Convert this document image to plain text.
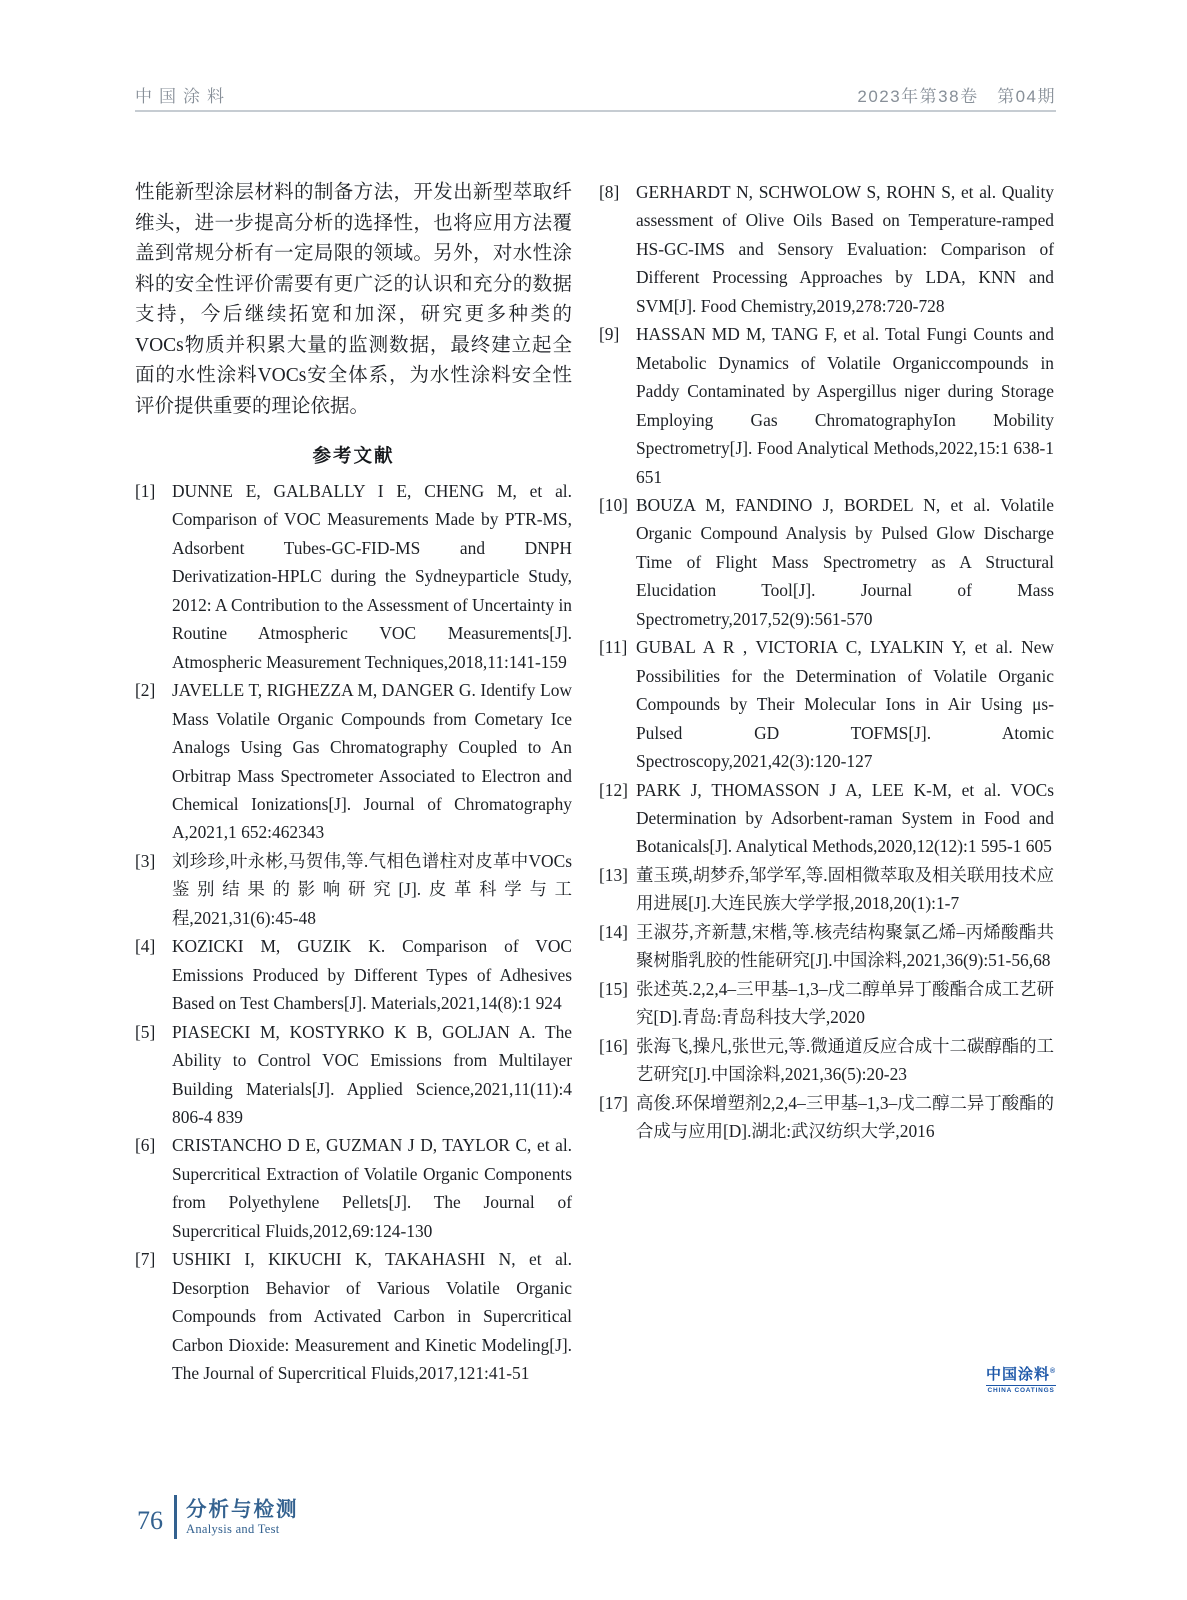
中国涂料	2023年第38卷　第04期

性能新型涂层材料的制备方法，开发出新型萃取纤维头，进一步提高分析的选择性，也将应用方法覆盖到常规分析有一定局限的领域。另外，对水性涂料的安全性评价需要有更广泛的认识和充分的数据支持，今后继续拓宽和加深，研究更多种类的VOCs物质并积累大量的监测数据，最终建立起全面的水性涂料VOCs安全体系，为水性涂料安全性评价提供重要的理论依据。

参考文献
[1] DUNNE E, GALBALLY I E, CHENG M, et al. Comparison of VOC Measurements Made by PTR-MS, Adsorbent Tubes-GC-FID-MS and DNPH Derivatization-HPLC during the Sydneyparticle Study, 2012: A Contribution to the Assessment of Uncertainty in Routine Atmospheric VOC Measurements[J]. Atmospheric Measurement Techniques,2018,11:141-159
[2] JAVELLE T, RIGHEZZA M, DANGER G. Identify Low Mass Volatile Organic Compounds from Cometary Ice Analogs Using Gas Chromatography Coupled to An Orbitrap Mass Spectrometer Associated to Electron and Chemical Ionizations[J]. Journal of Chromatography A,2021,1 652:462343
[3] 刘珍珍,叶永彬,马贺伟,等.气相色谱柱对皮革中VOCs鉴别结果的影响研究[J].皮革科学与工程,2021,31(6):45-48
[4] KOZICKI M, GUZIK K. Comparison of VOC Emissions Produced by Different Types of Adhesives Based on Test Chambers[J]. Materials,2021,14(8):1 924
[5] PIASECKI M, KOSTYRKO K B, GOLJAN A. The Ability to Control VOC Emissions from Multilayer Building Materials[J]. Applied Science,2021,11(11):4 806-4 839
[6] CRISTANCHO D E, GUZMAN J D, TAYLOR C, et al. Supercritical Extraction of Volatile Organic Components from Polyethylene Pellets[J]. The Journal of Supercritical Fluids,2012,69:124-130
[7] USHIKI I, KIKUCHI K, TAKAHASHI N, et al. Desorption Behavior of Various Volatile Organic Compounds from Activated Carbon in Supercritical Carbon Dioxide: Measurement and Kinetic Modeling[J]. The Journal of Supercritical Fluids,2017,121:41-51
[8] GERHARDT N, SCHWOLOW S, ROHN S, et al. Quality assessment of Olive Oils Based on Temperature-ramped HS-GC-IMS and Sensory Evaluation: Comparison of Different Processing Approaches by LDA, KNN and SVM[J]. Food Chemistry,2019,278:720-728
[9] HASSAN MD M, TANG F, et al. Total Fungi Counts and Metabolic Dynamics of Volatile Organiccompounds in Paddy Contaminated by Aspergillus niger during Storage Employing Gas ChromatographyIon Mobility Spectrometry[J]. Food Analytical Methods,2022,15:1 638-1 651
[10] BOUZA M, FANDINO J, BORDEL N, et al. Volatile Organic Compound Analysis by Pulsed Glow Discharge Time of Flight Mass Spectrometry as A Structural Elucidation Tool[J]. Journal of Mass Spectrometry,2017,52(9):561-570
[11] GUBAL A R , VICTORIA C, LYALKIN Y, et al. New Possibilities for the Determination of Volatile Organic Compounds by Their Molecular Ions in Air Using μs-Pulsed GD TOFMS[J]. Atomic Spectroscopy,2021,42(3):120-127
[12] PARK J, THOMASSON J A, LEE K-M, et al. VOCs Determination by Adsorbent-raman System in Food and Botanicals[J]. Analytical Methods,2020,12(12):1 595-1 605
[13] 董玉瑛,胡梦乔,邹学军,等.固相微萃取及相关联用技术应用进展[J].大连民族大学学报,2018,20(1):1-7
[14] 王淑芬,齐新慧,宋楷,等.核壳结构聚氯乙烯–丙烯酸酯共聚树脂乳胶的性能研究[J].中国涂料,2021,36(9):51-56,68
[15] 张述英.2,2,4–三甲基–1,3–戊二醇单异丁酸酯合成工艺研究[D].青岛:青岛科技大学,2020
[16] 张海飞,操凡,张世元,等.微通道反应合成十二碳醇酯的工艺研究[J].中国涂料,2021,36(5):20-23
[17] 高俊.环保增塑剂2,2,4–三甲基–1,3–戊二醇二异丁酸酯的合成与应用[D].湖北:武汉纺织大学,2016
中国涂料®
CHINA COATINGS
76 分析与检测
Analysis and Test
